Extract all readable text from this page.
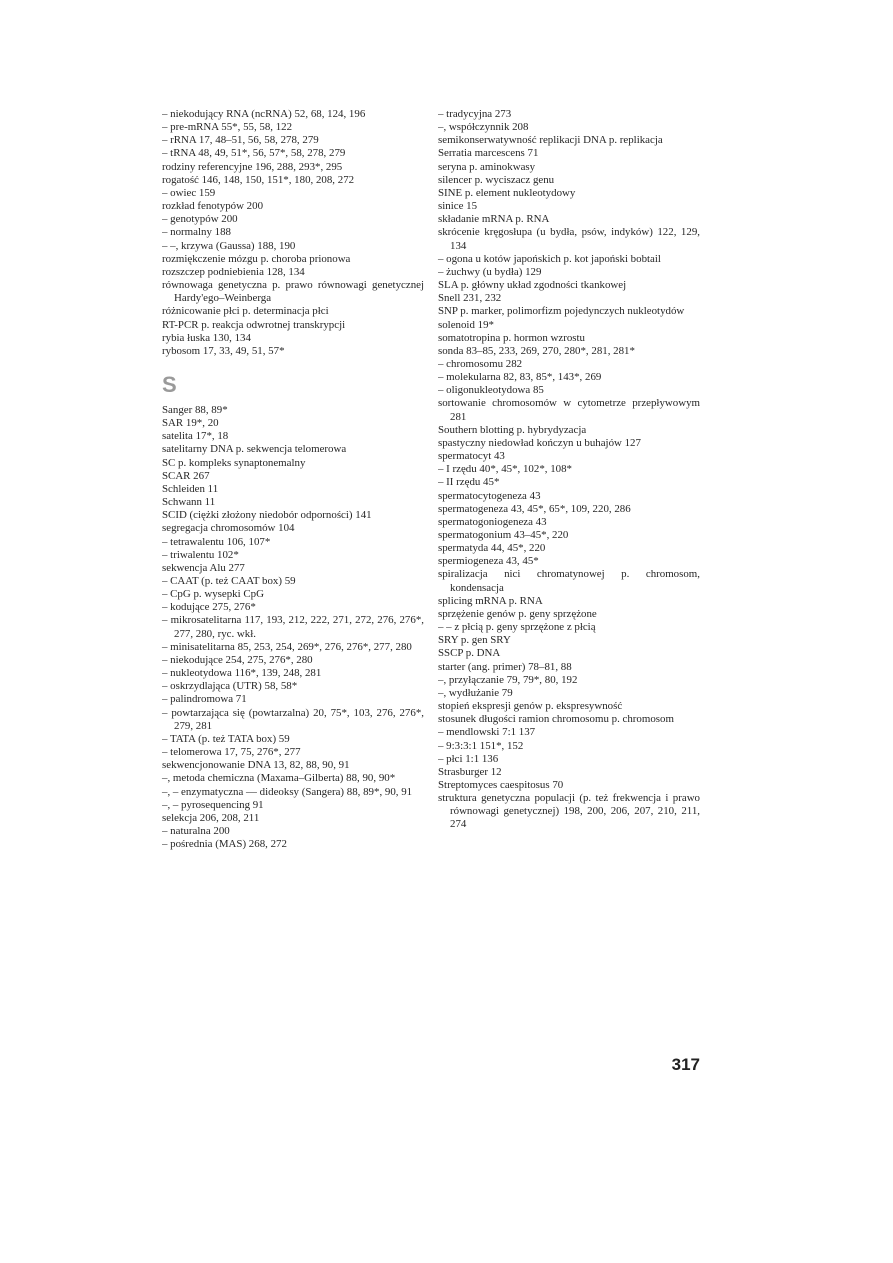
– niekodujący RNA (ncRNA) 52, 68, 124, 196
– pre-mRNA 55*, 55, 58, 122
– rRNA 17, 48–51, 56, 58, 278, 279
– tRNA 48, 49, 51*, 56, 57*, 58, 278, 279
rodziny referencyjne 196, 288, 293*, 295
rogatość 146, 148, 150, 151*, 180, 208, 272
– owiec 159
rozkład fenotypów 200
– genotypów 200
– normalny 188
– –, krzywa (Gaussa) 188, 190
rozmiękczenie mózgu p. choroba prionowa
rozszczep podniebienia 128, 134
równowaga genetyczna p. prawo równowagi genetycznej Hardy'ego–Weinberga
różnicowanie płci p. determinacja płci
RT-PCR p. reakcja odwrotnej transkrypcji
rybia łuska 130, 134
rybosom 17, 33, 49, 51, 57*
S
Sanger 88, 89*
SAR 19*, 20
satelita 17*, 18
satelitarny DNA p. sekwencja telomerowa
SC p. kompleks synaptonemalny
SCAR 267
Schleiden 11
Schwann 11
SCID (ciężki złożony niedobór odporności) 141
segregacja chromosomów 104
– tetrawalentu 106, 107*
– triwalentu 102*
sekwencja Alu 277
– CAAT (p. też CAAT box) 59
– CpG p. wysepki CpG
– kodujące 275, 276*
– mikrosatelitarna 117, 193, 212, 222, 271, 272, 276, 276*, 277, 280, ryc. wkł.
– minisatelitarna 85, 253, 254, 269*, 276, 276*, 277, 280
– niekodujące 254, 275, 276*, 280
– nukleotydowa 116*, 139, 248, 281
– oskrzydlająca (UTR) 58, 58*
– palindromowa 71
– powtarzająca się (powtarzalna) 20, 75*, 103, 276, 276*, 279, 281
– TATA (p. też TATA box) 59
– telomerowa 17, 75, 276*, 277
sekwencjonowanie DNA 13, 82, 88, 90, 91
–, metoda chemiczna (Maxama–Gilberta) 88, 90, 90*
–, – enzymatyczna — dideoksy (Sangera) 88, 89*, 90, 91
–, – pyrosequencing 91
selekcja 206, 208, 211
– naturalna 200
– pośrednia (MAS) 268, 272
– tradycyjna 273
–, współczynnik 208
semikonserwatywność replikacji DNA p. replikacja
Serratia marcescens 71
seryna p. aminokwasy
silencer p. wyciszacz genu
SINE p. element nukleotydowy
sinice 15
składanie mRNA p. RNA
skrócenie kręgosłupa (u bydła, psów, indyków) 122, 129, 134
– ogona u kotów japońskich p. kot japoński bobtail
– żuchwy (u bydła) 129
SLA p. główny układ zgodności tkankowej
Snell 231, 232
SNP p. marker, polimorfizm pojedynczych nukleotydów
solenoid 19*
somatotropina p. hormon wzrostu
sonda 83–85, 233, 269, 270, 280*, 281, 281*
– chromosomu 282
– molekularna 82, 83, 85*, 143*, 269
– oligonukleotydowa 85
sortowanie chromosomów w cytometrze przepływowym 281
Southern blotting p. hybrydyzacja
spastyczny niedowład kończyn u buhajów 127
spermatocyt 43
– I rzędu 40*, 45*, 102*, 108*
– II rzędu 45*
spermatocytogeneza 43
spermatogeneza 43, 45*, 65*, 109, 220, 286
spermatogoniogeneza 43
spermatogonium 43–45*, 220
spermatyda 44, 45*, 220
spermiogeneza 43, 45*
spiralizacja nici chromatynowej p. chromosom, kondensacja
splicing mRNA p. RNA
sprzężenie genów p. geny sprzężone
– – z płcią p. geny sprzężone z płcią
SRY p. gen SRY
SSCP p. DNA
starter (ang. primer) 78–81, 88
–, przyłączanie 79, 79*, 80, 192
–, wydłużanie 79
stopień ekspresji genów p. ekspresywność
stosunek długości ramion chromosomu p. chromosom
– mendlowski 7:1 137
– 9:3:3:1 151*, 152
– płci 1:1 136
Strasburger 12
Streptomyces caespitosus 70
struktura genetyczna populacji (p. też frekwencja i prawo równowagi genetycznej) 198, 200, 206, 207, 210, 211, 274
317
